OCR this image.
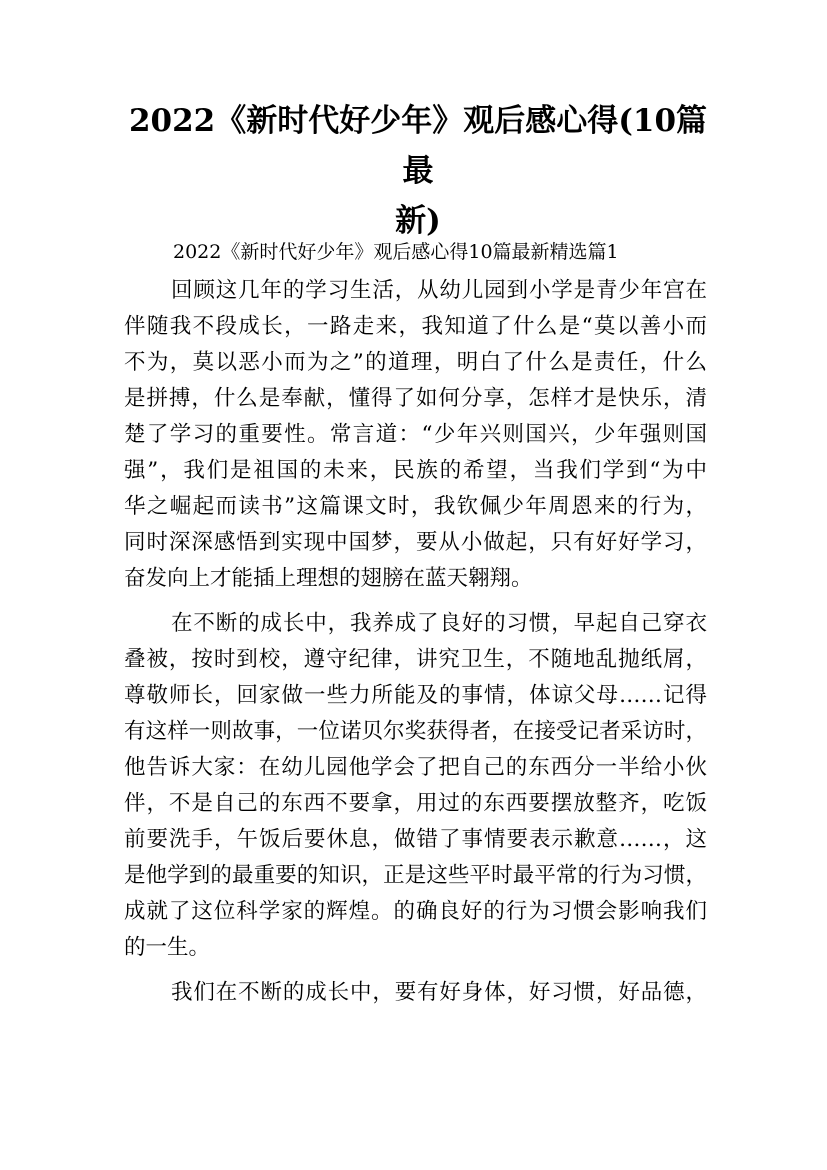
2022《新时代好少年》观后感心得(10篇最
新)
2022《新时代好少年》观后感心得10篇最新精选篇1
回顾这几年的学习生活，从幼儿园到小学是青少年宫在
伴随我不段成长，一路走来，我知道了什么是“莫以善小而
不为，莫以恶小而为之”的道理，明白了什么是责任，什么
是拼搏，什么是奉献，懂得了如何分享，怎样才是快乐，清
楚了学习的重要性。常言道：“少年兴则国兴，少年强则国
强”，我们是祖国的未来，民族的希望，当我们学到“为中
华之崛起而读书”这篇课文时，我钦佩少年周恩来的行为，
同时深深感悟到实现中国梦，要从小做起，只有好好学习，
奋发向上才能插上理想的翅膀在蓝天翱翔。
在不断的成长中，我养成了良好的习惯，早起自己穿衣
叠被，按时到校，遵守纪律，讲究卫生，不随地乱抛纸屑，
尊敬师长，回家做一些力所能及的事情，体谅父母……记得
有这样一则故事，一位诺贝尔奖获得者，在接受记者采访时，
他告诉大家：在幼儿园他学会了把自己的东西分一半给小伙
伴，不是自己的东西不要拿，用过的东西要摆放整齐，吃饭
前要洗手，午饭后要休息，做错了事情要表示歉意……，这
是他学到的最重要的知识，正是这些平时最平常的行为习惯，
成就了这位科学家的辉煌。的确良好的行为习惯会影响我们
的一生。
我们在不断的成长中，要有好身体，好习惯，好品德，
